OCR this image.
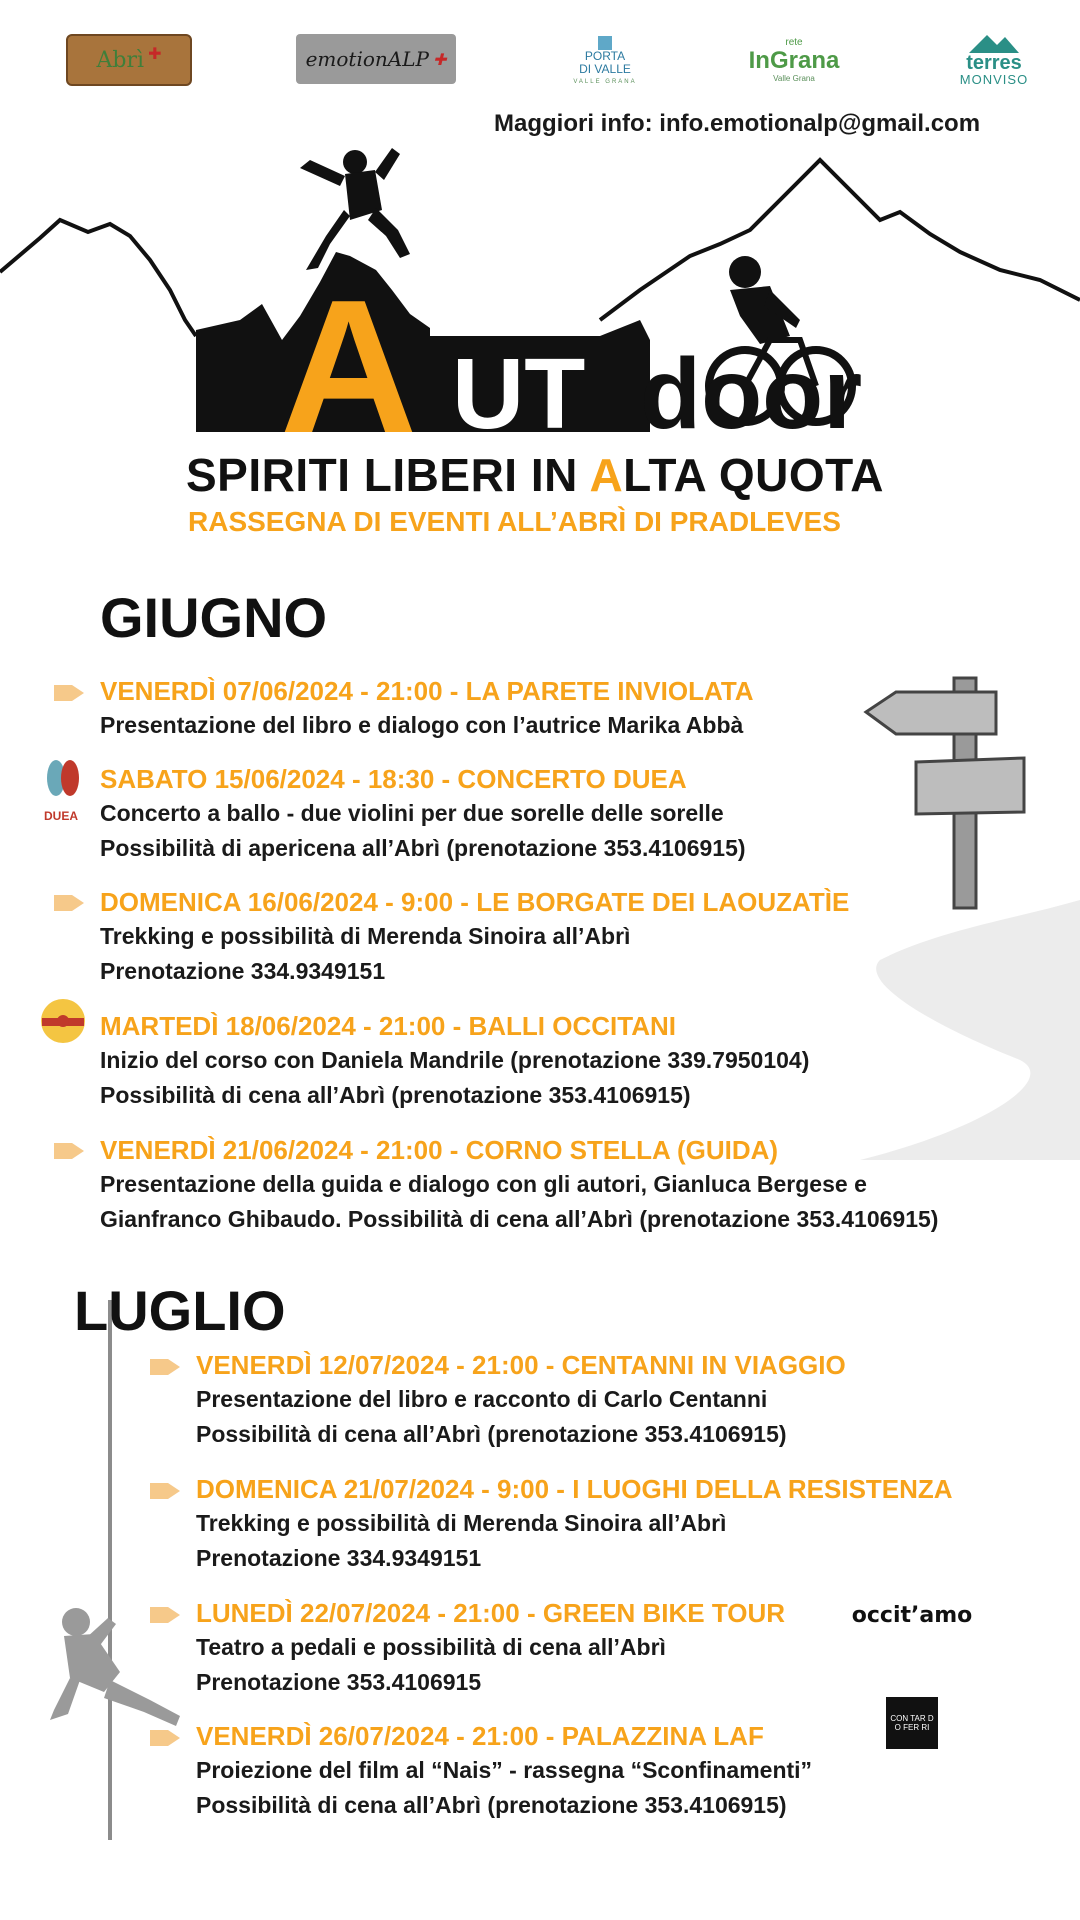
Abrì ✚	emotionALP ✚	PORTA
DI VALLE
VALLE GRANA
rete
InGrana
Valle Grana
terres
MONVISO
Maggiori info: info.emotionalp@gmail.com
A UT door
SPIRITI LIBERI IN ALTA QUOTA
RASSEGNA DI EVENTI ALL’ABRÌ DI PRADLEVES
GIUGNO
DUEA
VENERDÌ 07/06/2024 - 21:00 - LA PARETE INVIOLATA
Presentazione del libro e dialogo con l’autrice Marika Abbà
SABATO 15/06/2024 - 18:30 - CONCERTO DUEA
Concerto a ballo - due violini per due sorelle delle sorelle
Possibilità di apericena all’Abrì (prenotazione 353.4106915)
DOMENICA 16/06/2024 - 9:00 - LE BORGATE DEI LAOUZATÌE
Trekking e possibilità di Merenda Sinoira all’Abrì
Prenotazione 334.9349151
MARTEDÌ 18/06/2024 - 21:00 - BALLI OCCITANI
Inizio del corso con Daniela Mandrile (prenotazione 339.7950104)
Possibilità di cena all’Abrì (prenotazione 353.4106915)
VENERDÌ 21/06/2024 - 21:00 - CORNO STELLA (GUIDA)
Presentazione della guida e dialogo con gli autori, Gianluca Bergese e
Gianfranco Ghibaudo. Possibilità di cena all’Abrì (prenotazione 353.4106915)
LUGLIO
VENERDÌ 12/07/2024 - 21:00 - CENTANNI IN VIAGGIO
Presentazione del libro e racconto di Carlo Centanni
Possibilità di cena all’Abrì (prenotazione 353.4106915)
DOMENICA 21/07/2024 - 9:00 - I LUOGHI DELLA RESISTENZA
Trekking e possibilità di Merenda Sinoira all’Abrì
Prenotazione 334.9349151
LUNEDÌ 22/07/2024 - 21:00 - GREEN BIKE TOUR
Teatro a pedali e possibilità di cena all’Abrì
Prenotazione 353.4106915
VENERDÌ 26/07/2024 - 21:00 - PALAZZINA LAF
Proiezione del film al “Nais” - rassegna “Sconfinamenti”
Possibilità di cena all’Abrì (prenotazione 353.4106915)
occit’amo
CON TAR DO FER RI
